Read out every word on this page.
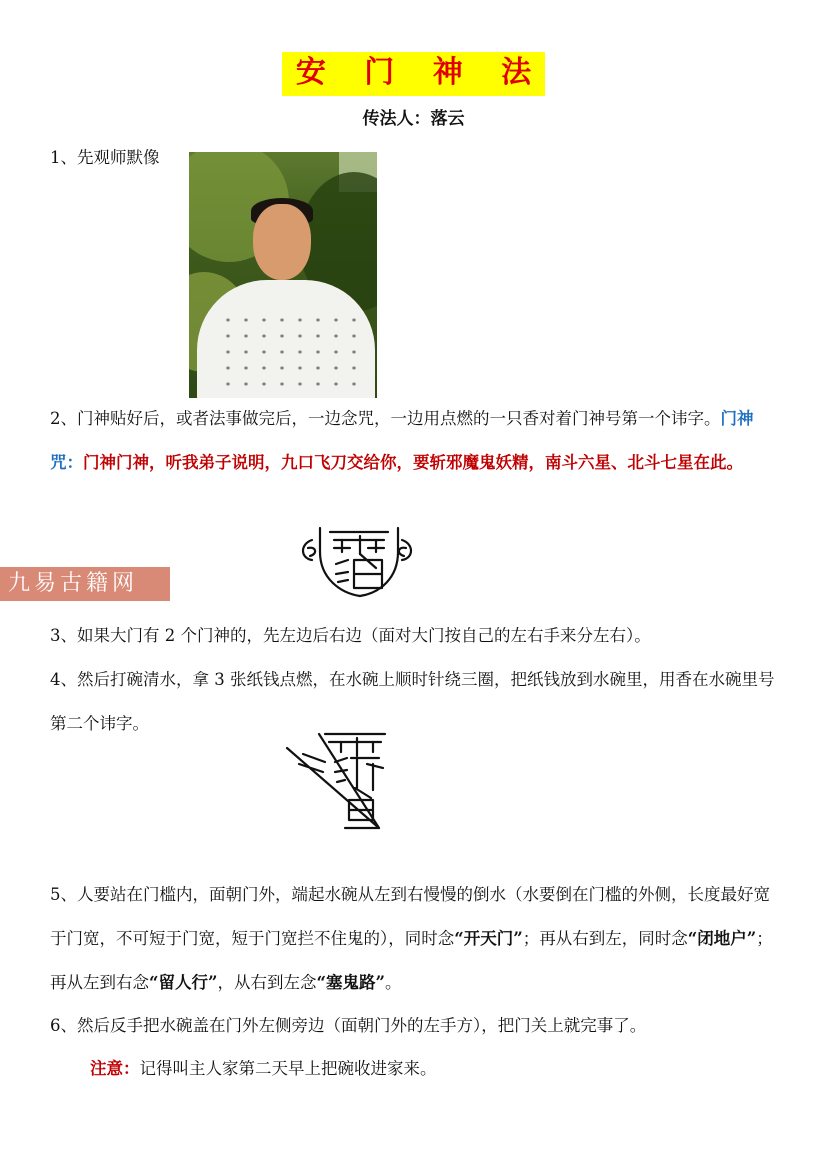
安 门 神 法
传法人：落云
1、先观师默像
2、门神贴好后，或者法事做完后，一边念咒，一边用点燃的一只香对着门神号第一个讳字。门神咒：门神门神，听我弟子说明，九口飞刀交给你，要斩邪魔鬼妖精，南斗六星、北斗七星在此。
九易古籍网
3、如果大门有 2 个门神的，先左边后右边（面对大门按自己的左右手来分左右）。
4、然后打碗清水，拿 3 张纸钱点燃，在水碗上顺时针绕三圈，把纸钱放到水碗里，用香在水碗里号第二个讳字。
5、人要站在门槛内，面朝门外，端起水碗从左到右慢慢的倒水（水要倒在门槛的外侧，长度最好宽于门宽，不可短于门宽，短于门宽拦不住鬼的），同时念“开天门”；再从右到左，同时念“闭地户”；再从左到右念“留人行”，从右到左念“塞鬼路”。
6、然后反手把水碗盖在门外左侧旁边（面朝门外的左手方），把门关上就完事了。
注意：记得叫主人家第二天早上把碗收进家来。
